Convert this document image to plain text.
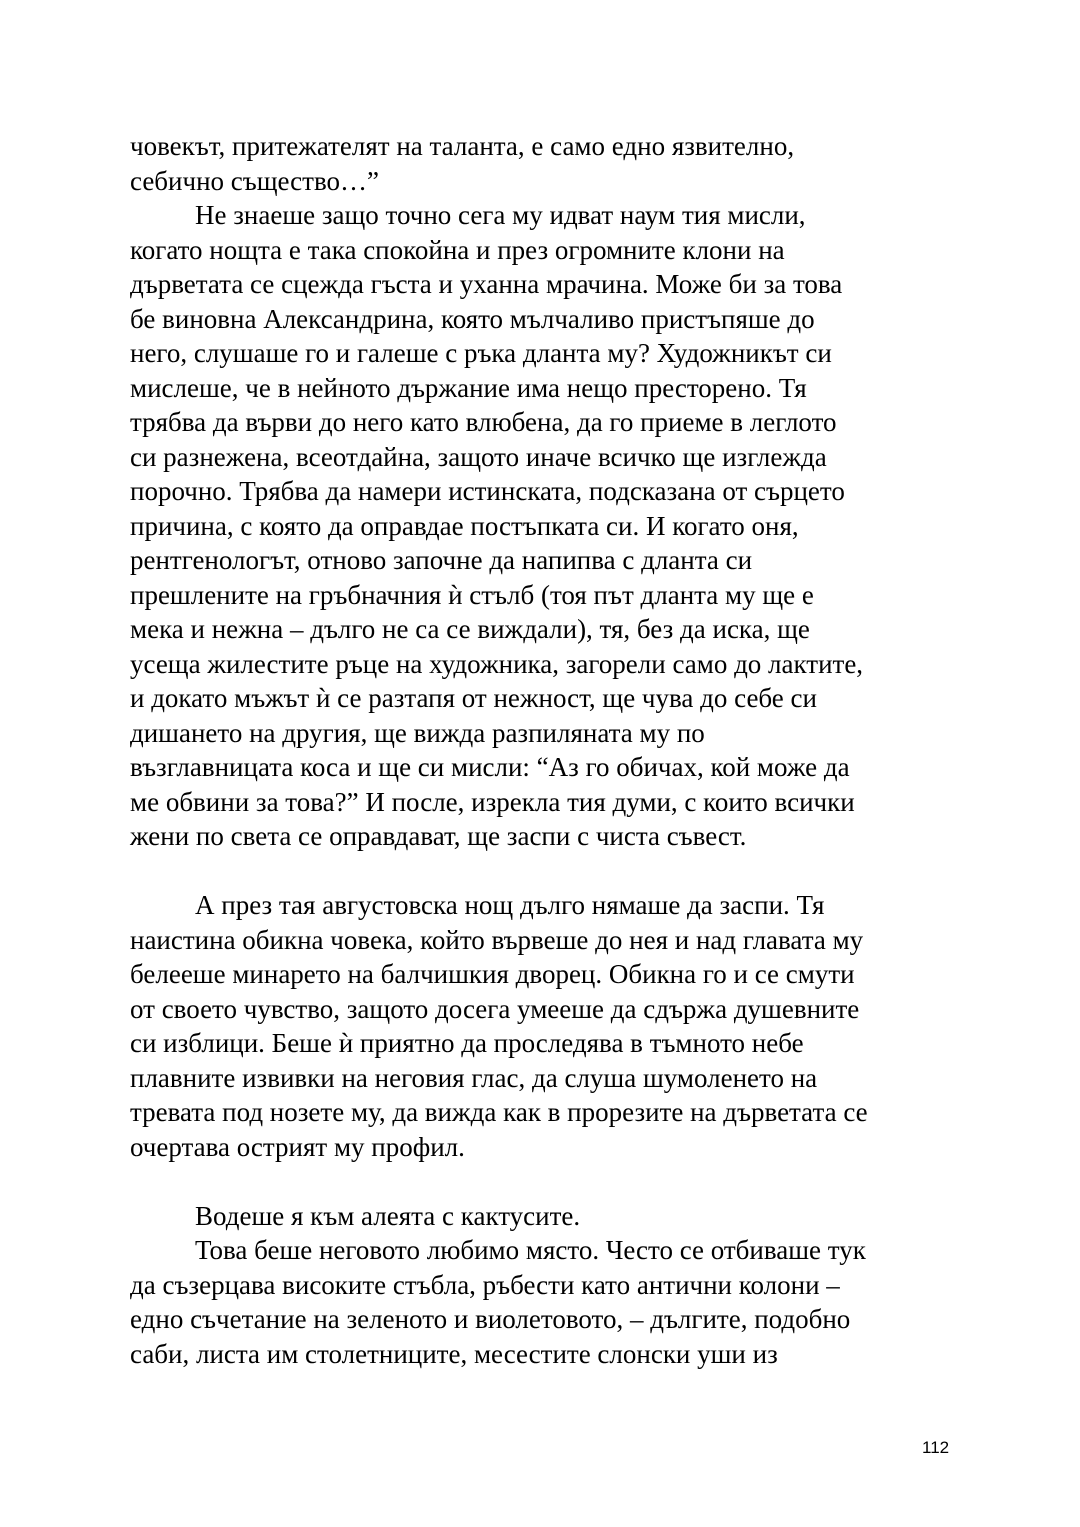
човекът, притежателят на таланта, е само едно язвително,
себично същество…”
Не знаеше защо точно сега му идват наум тия мисли,
когато нощта е така спокойна и през огромните клони на
дърветата се сцежда гъста и уханна мрачина. Може би за това
бе виновна Александрина, която мълчаливо пристъпяше до
него, слушаше го и галеше с ръка дланта му? Художникът си
мислеше, че в нейното държание има нещо престорено. Тя
трябва да върви до него като влюбена, да го приеме в леглото
си разнежена, всеотдайна, защото иначе всичко ще изглежда
порочно. Трябва да намери истинската, подсказана от сърцето
причина, с която да оправдае постъпката си. И когато оня,
рентгенологът, отново започне да напипва с дланта си
прешлените на гръбначния ѝ стълб (тоя път дланта му ще е
мека и нежна – дълго не са се виждали), тя, без да иска, ще
усеща жилестите ръце на художника, загорели само до лактите,
и докато мъжът ѝ се разтапя от нежност, ще чува до себе си
дишането на другия, ще вижда разпиляната му по
възглавницата коса и ще си мисли: “Аз го обичах, кой може да
ме обвини за това?” И после, изрекла тия думи, с които всички
жени по света се оправдават, ще заспи с чиста съвест.
А през тая августовска нощ дълго нямаше да заспи. Тя
наистина обикна човека, който вървеше до нея и над главата му
белееше минарето на балчишкия дворец. Обикна го и се смути
от своето чувство, защото досега умееше да сдържа душевните
си изблици. Беше ѝ приятно да проследява в тъмното небе
плавните извивки на неговия глас, да слуша шумоленето на
тревата под нозете му, да вижда как в прорезите на дърветата се
очертава острият му профил.
Водеше я към алеята с кактусите.
Това беше неговото любимо място. Често се отбиваше тук
да съзерцава високите стъбла, ръбести като антични колони –
едно съчетание на зеленото и виолетовото, – дългите, подобно
саби, листа им столетниците, месестите слонски уши из
112
